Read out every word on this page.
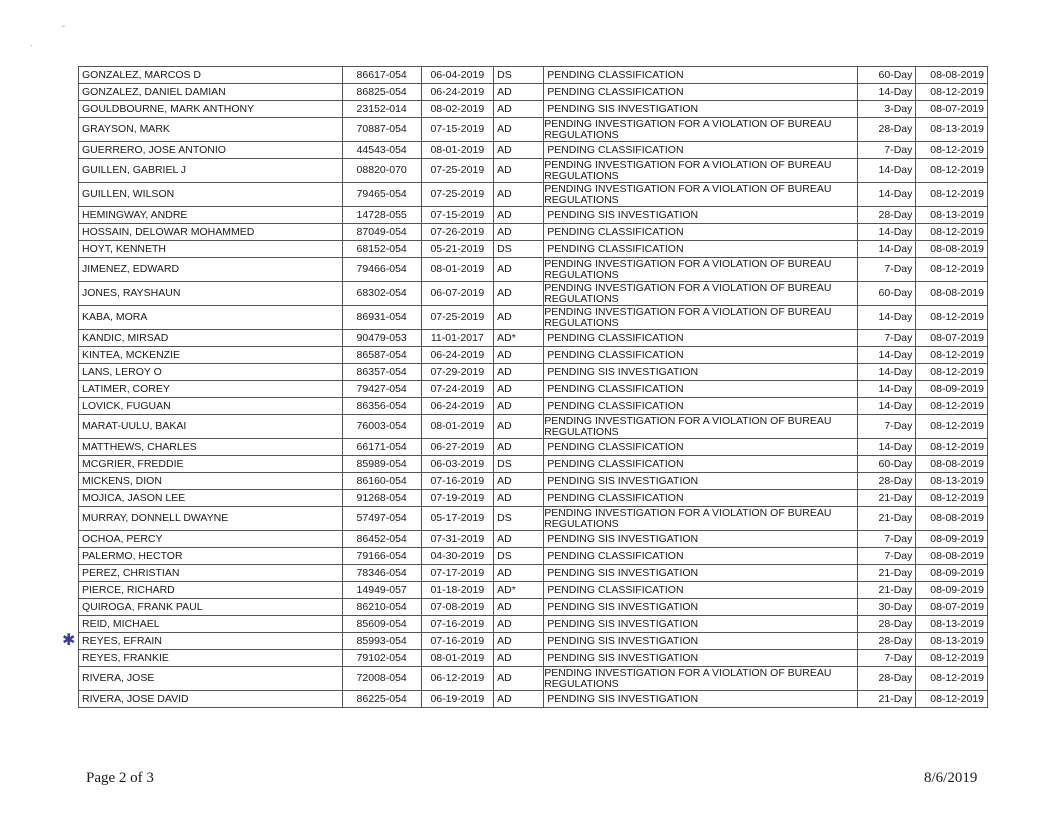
˜
·
GONZALEZ, MARCOS D	86617-054	06-04-2019	DS	PENDING CLASSIFICATION	60-Day	08-08-2019
GONZALEZ, DANIEL DAMIAN	86825-054	06-24-2019	AD	PENDING CLASSIFICATION	14-Day	08-12-2019
GOULDBOURNE, MARK ANTHONY	23152-014	08-02-2019	AD	PENDING SIS INVESTIGATION	3-Day	08-07-2019
GRAYSON, MARK	70887-054	07-15-2019	AD	PENDING INVESTIGATION FOR A VIOLATION OF BUREAU REGULATIONS	28-Day	08-13-2019
GUERRERO, JOSE ANTONIO	44543-054	08-01-2019	AD	PENDING CLASSIFICATION	7-Day	08-12-2019
GUILLEN, GABRIEL J	08820-070	07-25-2019	AD	PENDING INVESTIGATION FOR A VIOLATION OF BUREAU REGULATIONS	14-Day	08-12-2019
GUILLEN, WILSON	79465-054	07-25-2019	AD	PENDING INVESTIGATION FOR A VIOLATION OF BUREAU REGULATIONS	14-Day	08-12-2019
HEMINGWAY, ANDRE	14728-055	07-15-2019	AD	PENDING SIS INVESTIGATION	28-Day	08-13-2019
HOSSAIN, DELOWAR MOHAMMED	87049-054	07-26-2019	AD	PENDING CLASSIFICATION	14-Day	08-12-2019
HOYT, KENNETH	68152-054	05-21-2019	DS	PENDING CLASSIFICATION	14-Day	08-08-2019
JIMENEZ, EDWARD	79466-054	08-01-2019	AD	PENDING INVESTIGATION FOR A VIOLATION OF BUREAU REGULATIONS	7-Day	08-12-2019
JONES, RAYSHAUN	68302-054	06-07-2019	AD	PENDING INVESTIGATION FOR A VIOLATION OF BUREAU REGULATIONS	60-Day	08-08-2019
KABA, MORA	86931-054	07-25-2019	AD	PENDING INVESTIGATION FOR A VIOLATION OF BUREAU REGULATIONS	14-Day	08-12-2019
KANDIC, MIRSAD	90479-053	11-01-2017	AD*	PENDING CLASSIFICATION	7-Day	08-07-2019
KINTEA, MCKENZIE	86587-054	06-24-2019	AD	PENDING CLASSIFICATION	14-Day	08-12-2019
LANS, LEROY O	86357-054	07-29-2019	AD	PENDING SIS INVESTIGATION	14-Day	08-12-2019
LATIMER, COREY	79427-054	07-24-2019	AD	PENDING CLASSIFICATION	14-Day	08-09-2019
LOVICK, FUGUAN	86356-054	06-24-2019	AD	PENDING CLASSIFICATION	14-Day	08-12-2019
MARAT-UULU, BAKAI	76003-054	08-01-2019	AD	PENDING INVESTIGATION FOR A VIOLATION OF BUREAU REGULATIONS	7-Day	08-12-2019
MATTHEWS, CHARLES	66171-054	06-27-2019	AD	PENDING CLASSIFICATION	14-Day	08-12-2019
MCGRIER, FREDDIE	85989-054	06-03-2019	DS	PENDING CLASSIFICATION	60-Day	08-08-2019
MICKENS, DION	86160-054	07-16-2019	AD	PENDING SIS INVESTIGATION	28-Day	08-13-2019
MOJICA, JASON LEE	91268-054	07-19-2019	AD	PENDING CLASSIFICATION	21-Day	08-12-2019
MURRAY, DONNELL DWAYNE	57497-054	05-17-2019	DS	PENDING INVESTIGATION FOR A VIOLATION OF BUREAU REGULATIONS	21-Day	08-08-2019
OCHOA, PERCY	86452-054	07-31-2019	AD	PENDING SIS INVESTIGATION	7-Day	08-09-2019
PALERMO, HECTOR	79166-054	04-30-2019	DS	PENDING CLASSIFICATION	7-Day	08-08-2019
PEREZ, CHRISTIAN	78346-054	07-17-2019	AD	PENDING SIS INVESTIGATION	21-Day	08-09-2019
PIERCE, RICHARD	14949-057	01-18-2019	AD*	PENDING CLASSIFICATION	21-Day	08-09-2019
QUIROGA, FRANK PAUL	86210-054	07-08-2019	AD	PENDING SIS INVESTIGATION	30-Day	08-07-2019
REID, MICHAEL	85609-054	07-16-2019	AD	PENDING SIS INVESTIGATION	28-Day	08-13-2019
REYES, EFRAIN	85993-054	07-16-2019	AD	PENDING SIS INVESTIGATION	28-Day	08-13-2019
REYES, FRANKIE	79102-054	08-01-2019	AD	PENDING SIS INVESTIGATION	7-Day	08-12-2019
RIVERA, JOSE	72008-054	06-12-2019	AD	PENDING INVESTIGATION FOR A VIOLATION OF BUREAU REGULATIONS	28-Day	08-12-2019
RIVERA, JOSE DAVID	86225-054	06-19-2019	AD	PENDING SIS INVESTIGATION	21-Day	08-12-2019
✱
Page 2 of 3	8/6/2019
